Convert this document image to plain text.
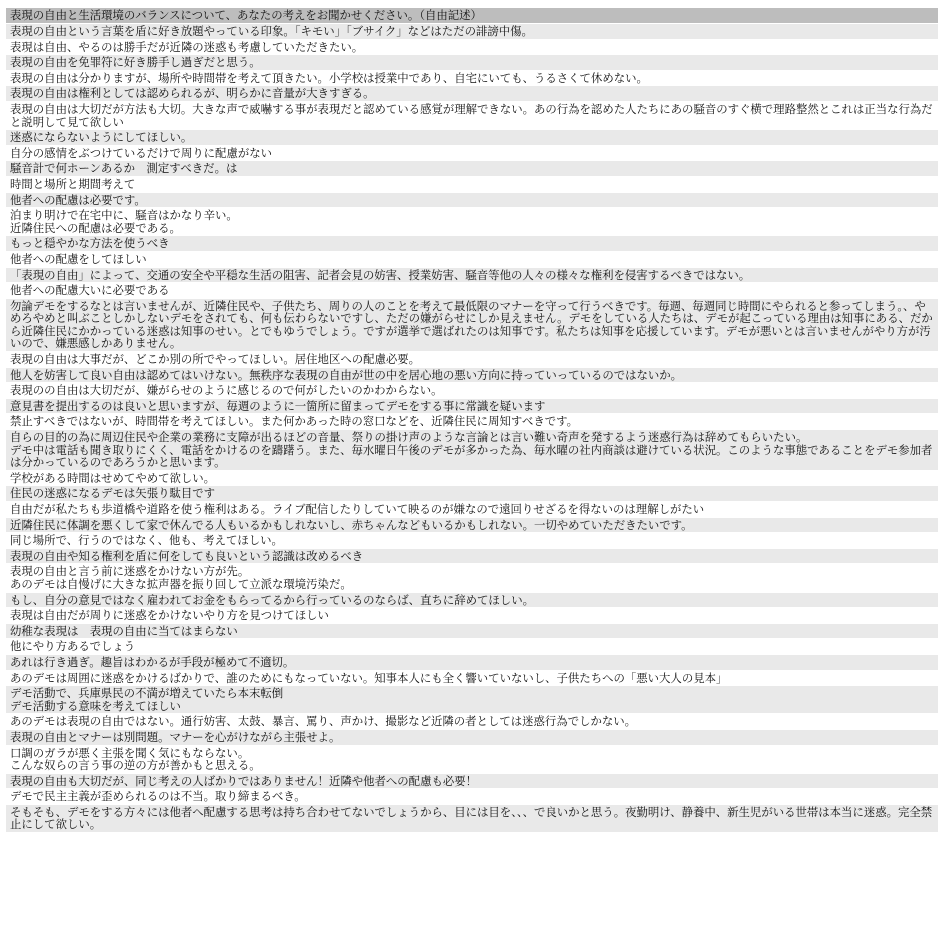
表現の自由と生活環境のバランスについて、あなたの考えをお聞かせください。（自由記述）
表現の自由という言葉を盾に好き放題やっている印象。「キモい」「ブサイク」などはただの誹謗中傷。
表現は自由、やるのは勝手だが近隣の迷惑も考慮していただきたい。
表現の自由を免罪符に好き勝手し過ぎだと思う。
表現の自由は分かりますが、場所や時間帯を考えて頂きたい。小学校は授業中であり、自宅にいても、うるさくて休めない。
表現の自由は権利としては認められるが、明らかに音量が大きすぎる。
表現の自由は大切だが方法も大切。大きな声で威嚇する事が表現だと認めている感覚が理解できない。あの行為を認めた人たちにあの騒音のすぐ横で理路整然とこれは正当な行為だと説明して見て欲しい
迷惑にならないようにしてほしい。
自分の感情をぶつけているだけで周りに配慮がない
騒音計で何ホーンあるか　測定すべきだ。は
時間と場所と期間考えて
他者への配慮は必要です。
泊まり明けで在宅中に、騒音はかなり辛い。
近隣住民への配慮は必要である。
もっと穏やかな方法を使うべき
他者への配慮をしてほしい
「表現の自由」によって、交通の安全や平穏な生活の阻害、記者会見の妨害、授業妨害、騒音等他の人々の様々な権利を侵害するべきではない。
他者への配慮大いに必要である
勿論デモをするなとは言いませんが、近隣住民や、子供たち、周りの人のことを考えて最低限のマナーを守って行うべきです。毎週、毎週同じ時間にやられると参ってしまう。、やめろやめと叫ぶことしかしないデモをされても、何も伝わらないですし、ただの嫌がらせにしか見えません。デモをしている人たちは、デモが起こっている理由は知事にある、だから近隣住民にかかっている迷惑は知事のせい。とでもゆうでしょう。ですが選挙で選ばれたのは知事です。私たちは知事を応援しています。デモが悪いとは言いませんがやり方が汚いので、嫌悪感しかありません。
表現の自由は大事だが、どこか別の所でやってほしい。居住地区への配慮必要。
他人を妨害して良い自由は認めてはいけない。無秩序な表現の自由が世の中を居心地の悪い方向に持っていっているのではないか。
表現のの自由は大切だが、嫌がらせのように感じるので何がしたいのかわからない。
意見書を提出するのは良いと思いますが、毎週のように一箇所に留まってデモをする事に常識を疑います
禁止すべきではないが、時間帯を考えてほしい。また何かあった時の窓口などを、近隣住民に周知すべきです。
自らの目的の為に周辺住民や企業の業務に支障が出るほどの音量、祭りの掛け声のような言論とは言い難い奇声を発するよう迷惑行為は辞めてもらいたい。
デモ中は電話も聞き取りにくく、電話をかけるのを躊躇う。また、毎水曜日午後のデモが多かった為、毎水曜の社内商談は避けている状況。このような事態であることをデモ参加者は分かっているのであろうかと思います。
学校がある時間はせめてやめて欲しい。
住民の迷惑になるデモは矢張り駄目です
自由だが私たちも歩道橋や道路を使う権利はある。ライブ配信したりしていて映るのが嫌なので遠回りせざるを得ないのは理解しがたい
近隣住民に体調を悪くして家で休んでる人もいるかもしれないし、赤ちゃんなどもいるかもしれない。一切やめていただきたいです。
同じ場所で、行うのではなく、他も、考えてほしい。
表現の自由や知る権利を盾に何をしても良いという認識は改めるべき
表現の自由と言う前に迷惑をかけない方が先。
あのデモは自慢げに大きな拡声器を振り回して立派な環境汚染だ。
もし、自分の意見ではなく雇われてお金をもらってるから行っているのならば、直ちに辞めてほしい。
表現は自由だが周りに迷惑をかけないやり方を見つけてほしい
幼稚な表現は　表現の自由に当てはまらない
他にやり方あるでしょう
あれは行き過ぎ。趣旨はわかるが手段が極めて不適切。
あのデモは周囲に迷惑をかけるばかりで、誰のためにもなっていない。知事本人にも全く響いていないし、子供たちへの「悪い大人の見本」
デモ活動で、兵庫県民の不満が増えていたら本末転倒
デモ活動する意味を考えてほしい
あのデモは表現の自由ではない。通行妨害、太鼓、暴言、罵り、声かけ、撮影など近隣の者としては迷惑行為でしかない。
表現の自由とマナーは別問題。マナーを心がけながら主張せよ。
口調のガラが悪く主張を聞く気にもならない。
こんな奴らの言う事の逆の方が善かもと思える。
表現の自由も大切だが、同じ考えの人ばかりではありません！近隣や他者への配慮も必要！
デモで民主主義が歪められるのは不当。取り締まるべき。
そもそも、デモをする方々には他者へ配慮する思考は持ち合わせてないでしょうから、目には目を、、、で良いかと思う。夜勤明け、静養中、新生児がいる世帯は本当に迷惑。完全禁止にして欲しい。
